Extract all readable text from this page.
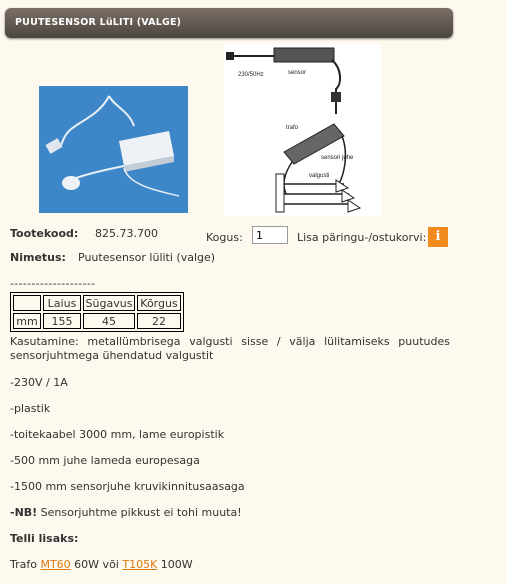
PUUTESENSOR LüLITI (VALGE)
230/50Hz	sensor
trafo
sensori juhe
valgusti
Tootekood: 825.73.700	Kogus:
1	Lisa päringu-/ostukorvi: i
Nimetus: Puutesensor lüliti (valge)
--------------------
	Laius	Sügavus	Kõrgus
mm	155	45	22
Kasutamine: metallümbrisega valgusti sisse / välja lülitamiseks puutudes sensorjuhtmega ühendatud valgustit
-230V / 1A
-plastik
-toitekaabel 3000 mm, lame europistik
-500 mm juhe lameda europesaga
-1500 mm sensorjuhe kruvikinnitusaasaga
-NB! Sensorjuhtme pikkust ei tohi muuta!
Telli lisaks:
Trafo MT60 60W või T105K 100W
